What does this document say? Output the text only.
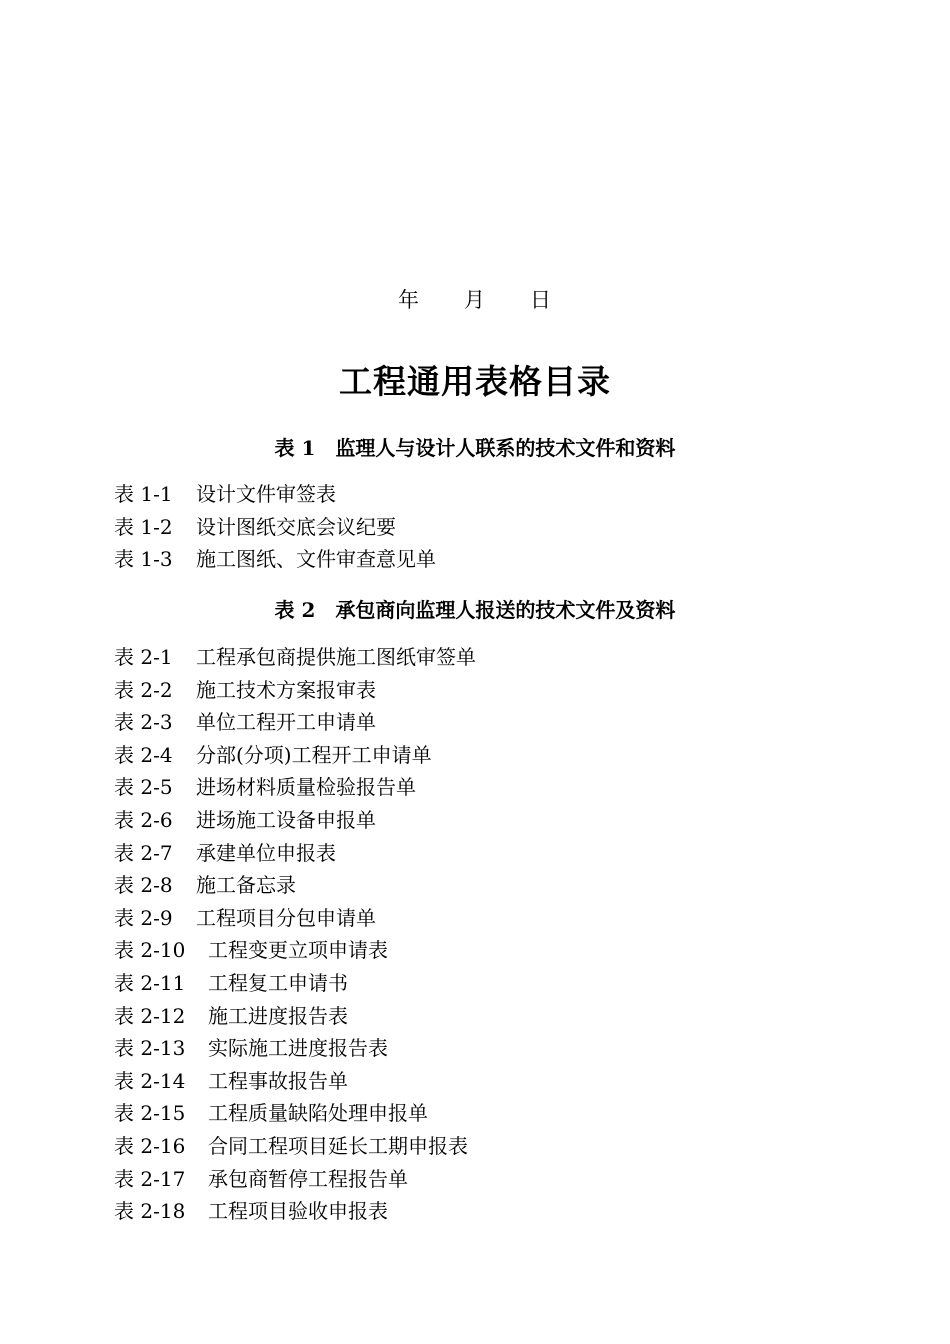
年 月 日
工程通用表格目录
表 1 监理人与设计人联系的技术文件和资料
表 1-1 设计文件审签表
表 1-2 设计图纸交底会议纪要
表 1-3 施工图纸、文件审查意见单
表 2 承包商向监理人报送的技术文件及资料
表 2-1 工程承包商提供施工图纸审签单
表 2-2 施工技术方案报审表
表 2-3 单位工程开工申请单
表 2-4 分部(分项)工程开工申请单
表 2-5 进场材料质量检验报告单
表 2-6 进场施工设备申报单
表 2-7 承建单位申报表
表 2-8 施工备忘录
表 2-9 工程项目分包申请单
表 2-10 工程变更立项申请表
表 2-11 工程复工申请书
表 2-12 施工进度报告表
表 2-13 实际施工进度报告表
表 2-14 工程事故报告单
表 2-15 工程质量缺陷处理申报单
表 2-16 合同工程项目延长工期申报表
表 2-17 承包商暂停工程报告单
表 2-18 工程项目验收申报表
